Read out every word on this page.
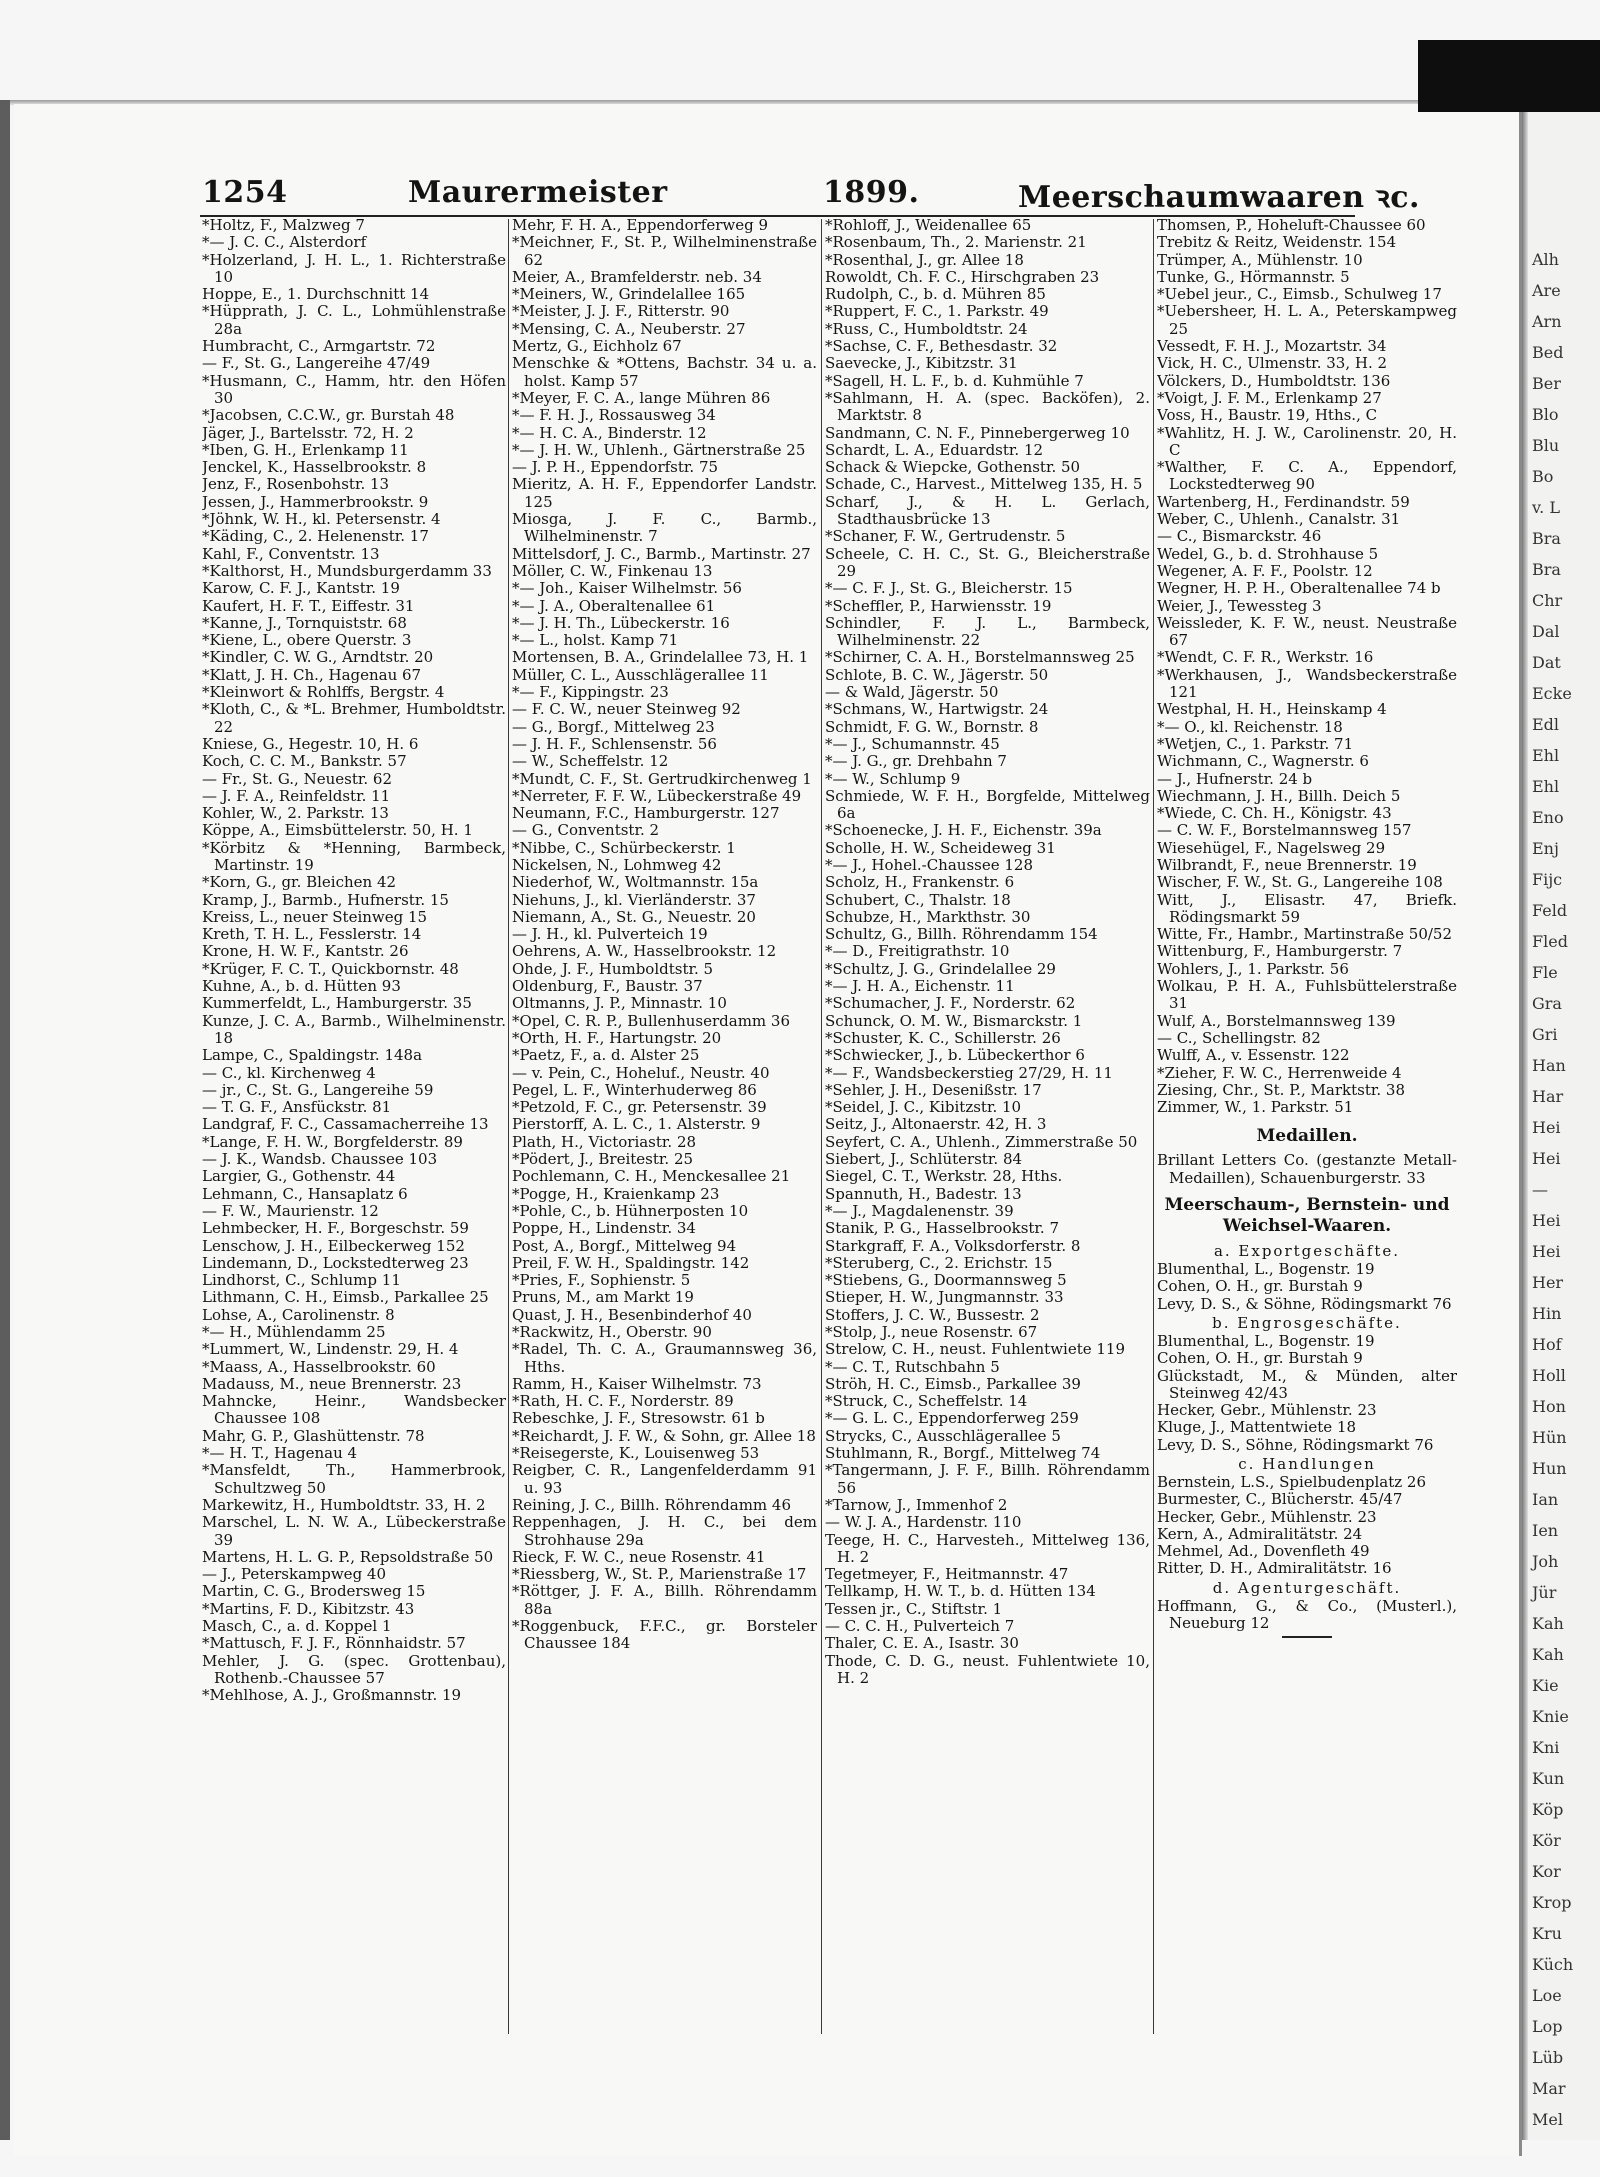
Alh
Are
Arn
Bed
Ber
Blo
Blu
Bo
v. L
Bra
Bra
Chr
Dal
Dat
Ecke
Edl
Ehl
Ehl
Eno
Enj
Fijc
Feld
Fled
Fle
Gra
Gri
Han
Har
Hei
Hei
—
Hei
Hei
Her
Hin
Hof
Holl
Hon
Hün
Hun
Ian
Ien
Joh
Jür
Kah
Kah
Kie
Knie
Kni
Kun
Köp
Kör
Kor
Krop
Kru
Küch
Loe
Lop
Lüb
Mar
Mel
1254	Maurermeister	1899.	Meerschaumwaaren ꝛc.
*Holtz, F., Malzweg 7
*— J. C. C., Alsterdorf
*Holzerland, J. H. L., 1. Richterstraße 10
Hoppe, E., 1. Durchschnitt 14
*Hüpprath, J. C. L., Lohmühlenstraße 28a
Humbracht, C., Armgartstr. 72
— F., St. G., Langereihe 47/49
*Husmann, C., Hamm, htr. den Höfen 30
*Jacobsen, C.C.W., gr. Burstah 48
Jäger, J., Bartelsstr. 72, H. 2
*Iben, G. H., Erlenkamp 11
Jenckel, K., Hasselbrookstr. 8
Jenz, F., Rosenbohstr. 13
Jessen, J., Hammerbrookstr. 9
*Jöhnk, W. H., kl. Petersenstr. 4
*Käding, C., 2. Helenenstr. 17
Kahl, F., Conventstr. 13
*Kalthorst, H., Mundsburgerdamm 33
Karow, C. F. J., Kantstr. 19
Kaufert, H. F. T., Eiffestr. 31
*Kanne, J., Tornquiststr. 68
*Kiene, L., obere Querstr. 3
*Kindler, C. W. G., Arndtstr. 20
*Klatt, J. H. Ch., Hagenau 67
*Kleinwort & Rohlffs, Bergstr. 4
*Kloth, C., & *L. Brehmer, Humboldtstr. 22
Kniese, G., Hegestr. 10, H. 6
Koch, C. C. M., Bankstr. 57
— Fr., St. G., Neuestr. 62
— J. F. A., Reinfeldstr. 11
Kohler, W., 2. Parkstr. 13
Köppe, A., Eimsbüttelerstr. 50, H. 1
*Körbitz & *Henning, Barmbeck, Martinstr. 19
*Korn, G., gr. Bleichen 42
Kramp, J., Barmb., Hufnerstr. 15
Kreiss, L., neuer Steinweg 15
Kreth, T. H. L., Fesslerstr. 14
Krone, H. W. F., Kantstr. 26
*Krüger, F. C. T., Quickbornstr. 48
Kuhne, A., b. d. Hütten 93
Kummerfeldt, L., Hamburgerstr. 35
Kunze, J. C. A., Barmb., Wilhelminenstr. 18
Lampe, C., Spaldingstr. 148a
— C., kl. Kirchenweg 4
— jr., C., St. G., Langereihe 59
— T. G. F., Ansfückstr. 81
Landgraf, F. C., Cassamacherreihe 13
*Lange, F. H. W., Borgfelderstr. 89
— J. K., Wandsb. Chaussee 103
Largier, G., Gothenstr. 44
Lehmann, C., Hansaplatz 6
— F. W., Maurienstr. 12
Lehmbecker, H. F., Borgeschstr. 59
Lenschow, J. H., Eilbeckerweg 152
Lindemann, D., Lockstedterweg 23
Lindhorst, C., Schlump 11
Lithmann, C. H., Eimsb., Parkallee 25
Lohse, A., Carolinenstr. 8
*— H., Mühlendamm 25
*Lummert, W., Lindenstr. 29, H. 4
*Maass, A., Hasselbrookstr. 60
Madauss, M., neue Brennerstr. 23
Mahncke, Heinr., Wandsbecker Chaussee 108
Mahr, G. P., Glashüttenstr. 78
*— H. T., Hagenau 4
*Mansfeldt, Th., Hammerbrook, Schultzweg 50
Markewitz, H., Humboldtstr. 33, H. 2
Marschel, L. N. W. A., Lübeckerstraße 39
Martens, H. L. G. P., Repsoldstraße 50
— J., Peterskampweg 40
Martin, C. G., Brodersweg 15
*Martins, F. D., Kibitzstr. 43
Masch, C., a. d. Koppel 1
*Mattusch, F. J. F., Rönnhaidstr. 57
Mehler, J. G. (spec. Grottenbau), Rothenb.-Chaussee 57
*Mehlhose, A. J., Großmannstr. 19
Mehr, F. H. A., Eppendorferweg 9
*Meichner, F., St. P., Wilhelminenstraße 62
Meier, A., Bramfelderstr. neb. 34
*Meiners, W., Grindelallee 165
*Meister, J. J. F., Ritterstr. 90
*Mensing, C. A., Neuberstr. 27
Mertz, G., Eichholz 67
Menschke & *Ottens, Bachstr. 34 u. a. holst. Kamp 57
*Meyer, F. C. A., lange Mühren 86
*— F. H. J., Rossausweg 34
*— H. C. A., Binderstr. 12
*— J. H. W., Uhlenh., Gärtnerstraße 25
— J. P. H., Eppendorfstr. 75
Mieritz, A. H. F., Eppendorfer Landstr. 125
Miosga, J. F. C., Barmb., Wilhelminenstr. 7
Mittelsdorf, J. C., Barmb., Martinstr. 27
Möller, C. W., Finkenau 13
*— Joh., Kaiser Wilhelmstr. 56
*— J. A., Oberaltenallee 61
*— J. H. Th., Lübeckerstr. 16
*— L., holst. Kamp 71
Mortensen, B. A., Grindelallee 73, H. 1
Müller, C. L., Ausschlägerallee 11
*— F., Kippingstr. 23
— F. C. W., neuer Steinweg 92
— G., Borgf., Mittelweg 23
— J. H. F., Schlensenstr. 56
— W., Scheffelstr. 12
*Mundt, C. F., St. Gertrudkirchenweg 1
*Nerreter, F. F. W., Lübeckerstraße 49
Neumann, F.C., Hamburgerstr. 127
— G., Conventstr. 2
*Nibbe, C., Schürbeckerstr. 1
Nickelsen, N., Lohmweg 42
Niederhof, W., Woltmannstr. 15a
Niehuns, J., kl. Vierländerstr. 37
Niemann, A., St. G., Neuestr. 20
— J. H., kl. Pulverteich 19
Oehrens, A. W., Hasselbrookstr. 12
Ohde, J. F., Humboldtstr. 5
Oldenburg, F., Baustr. 37
Oltmanns, J. P., Minnastr. 10
*Opel, C. R. P., Bullenhuserdamm 36
*Orth, H. F., Hartungstr. 20
*Paetz, F., a. d. Alster 25
— v. Pein, C., Hoheluf., Neustr. 40
Pegel, L. F., Winterhuderweg 86
*Petzold, F. C., gr. Petersenstr. 39
Pierstorff, A. L. C., 1. Alsterstr. 9
Plath, H., Victoriastr. 28
*Pödert, J., Breitestr. 25
Pochlemann, C. H., Menckesallee 21
*Pogge, H., Kraienkamp 23
*Pohle, C., b. Hühnerposten 10
Poppe, H., Lindenstr. 34
Post, A., Borgf., Mittelweg 94
Preil, F. W. H., Spaldingstr. 142
*Pries, F., Sophienstr. 5
Pruns, M., am Markt 19
Quast, J. H., Besenbinderhof 40
*Rackwitz, H., Oberstr. 90
*Radel, Th. C. A., Graumannsweg 36, Hths.
Ramm, H., Kaiser Wilhelmstr. 73
*Rath, H. C. F., Norderstr. 89
Rebeschke, J. F., Stresowstr. 61 b
*Reichardt, J. F. W., & Sohn, gr. Allee 18
*Reisegerste, K., Louisenweg 53
Reigber, C. R., Langenfelderdamm 91 u. 93
Reining, J. C., Billh. Röhrendamm 46
Reppenhagen, J. H. C., bei dem Strohhause 29a
Rieck, F. W. C., neue Rosenstr. 41
*Riessberg, W., St. P., Marienstraße 17
*Röttger, J. F. A., Billh. Röhrendamm 88a
*Roggenbuck, F.F.C., gr. Borsteler Chaussee 184
*Rohloff, J., Weidenallee 65
*Rosenbaum, Th., 2. Marienstr. 21
*Rosenthal, J., gr. Allee 18
Rowoldt, Ch. F. C., Hirschgraben 23
Rudolph, C., b. d. Mühren 85
*Ruppert, F. C., 1. Parkstr. 49
*Russ, C., Humboldtstr. 24
*Sachse, C. F., Bethesdastr. 32
Saevecke, J., Kibitzstr. 31
*Sagell, H. L. F., b. d. Kuhmühle 7
*Sahlmann, H. A. (spec. Backöfen), 2. Marktstr. 8
Sandmann, C. N. F., Pinnebergerweg 10
Schardt, L. A., Eduardstr. 12
Schack & Wiepcke, Gothenstr. 50
Schade, C., Harvest., Mittelweg 135, H. 5
Scharf, J., & H. L. Gerlach, Stadthausbrücke 13
*Schaner, F. W., Gertrudenstr. 5
Scheele, C. H. C., St. G., Bleicherstraße 29
*— C. F. J., St. G., Bleicherstr. 15
*Scheffler, P., Harwiensstr. 19
Schindler, F. J. L., Barmbeck, Wilhelminenstr. 22
*Schirner, C. A. H., Borstelmannsweg 25
Schlote, B. C. W., Jägerstr. 50
— & Wald, Jägerstr. 50
*Schmans, W., Hartwigstr. 24
Schmidt, F. G. W., Bornstr. 8
*— J., Schumannstr. 45
*— J. G., gr. Drehbahn 7
*— W., Schlump 9
Schmiede, W. F. H., Borgfelde, Mittelweg 6a
*Schoenecke, J. H. F., Eichenstr. 39a
Scholle, H. W., Scheideweg 31
*— J., Hohel.-Chaussee 128
Scholz, H., Frankenstr. 6
Schubert, C., Thalstr. 18
Schubze, H., Markthstr. 30
Schultz, G., Billh. Röhrendamm 154
*— D., Freitigrathstr. 10
*Schultz, J. G., Grindelallee 29
*— J. H. A., Eichenstr. 11
*Schumacher, J. F., Norderstr. 62
Schunck, O. M. W., Bismarckstr. 1
*Schuster, K. C., Schillerstr. 26
*Schwiecker, J., b. Lübeckerthor 6
*— F., Wandsbeckerstieg 27/29, H. 11
*Sehler, J. H., Desenißstr. 17
*Seidel, J. C., Kibitzstr. 10
Seitz, J., Altonaerstr. 42, H. 3
Seyfert, C. A., Uhlenh., Zimmerstraße 50
Siebert, J., Schlüterstr. 84
Siegel, C. T., Werkstr. 28, Hths.
Spannuth, H., Badestr. 13
*— J., Magdalenenstr. 39
Stanik, P. G., Hasselbrookstr. 7
Starkgraff, F. A., Volksdorferstr. 8
*Steruberg, C., 2. Erichstr. 15
*Stiebens, G., Doormannsweg 5
Stieper, H. W., Jungmannstr. 33
Stoffers, J. C. W., Bussestr. 2
*Stolp, J., neue Rosenstr. 67
Strelow, C. H., neust. Fuhlentwiete 119
*— C. T., Rutschbahn 5
Ströh, H. C., Eimsb., Parkallee 39
*Struck, C., Scheffelstr. 14
*— G. L. C., Eppendorferweg 259
Strycks, C., Ausschlägerallee 5
Stuhlmann, R., Borgf., Mittelweg 74
*Tangermann, J. F. F., Billh. Röhrendamm 56
*Tarnow, J., Immenhof 2
— W. J. A., Hardenstr. 110
Teege, H. C., Harvesteh., Mittelweg 136, H. 2
Tegetmeyer, F., Heitmannstr. 47
Tellkamp, H. W. T., b. d. Hütten 134
Tessen jr., C., Stiftstr. 1
— C. C. H., Pulverteich 7
Thaler, C. E. A., Isastr. 30
Thode, C. D. G., neust. Fuhlentwiete 10, H. 2
Thomsen, P., Hoheluft-Chaussee 60
Trebitz & Reitz, Weidenstr. 154
Trümper, A., Mühlenstr. 10
Tunke, G., Hörmannstr. 5
*Uebel jeur., C., Eimsb., Schulweg 17
*Uebersheer, H. L. A., Peterskampweg 25
Vessedt, F. H. J., Mozartstr. 34
Vick, H. C., Ulmenstr. 33, H. 2
Völckers, D., Humboldtstr. 136
*Voigt, J. F. M., Erlenkamp 27
Voss, H., Baustr. 19, Hths., C
*Wahlitz, H. J. W., Carolinenstr. 20, H. C
*Walther, F. C. A., Eppendorf, Lockstedterweg 90
Wartenberg, H., Ferdinandstr. 59
Weber, C., Uhlenh., Canalstr. 31
— C., Bismarckstr. 46
Wedel, G., b. d. Strohhause 5
Wegener, A. F. F., Poolstr. 12
Wegner, H. P. H., Oberaltenallee 74 b
Weier, J., Tewessteg 3
Weissleder, K. F. W., neust. Neustraße 67
*Wendt, C. F. R., Werkstr. 16
*Werkhausen, J., Wandsbeckerstraße 121
Westphal, H. H., Heinskamp 4
*— O., kl. Reichenstr. 18
*Wetjen, C., 1. Parkstr. 71
Wichmann, C., Wagnerstr. 6
— J., Hufnerstr. 24 b
Wiechmann, J. H., Billh. Deich 5
*Wiede, C. Ch. H., Königstr. 43
— C. W. F., Borstelmannsweg 157
Wiesehügel, F., Nagelsweg 29
Wilbrandt, F., neue Brennerstr. 19
Wischer, F. W., St. G., Langereihe 108
Witt, J., Elisastr. 47, Briefk. Rödingsmarkt 59
Witte, Fr., Hambr., Martinstraße 50/52
Wittenburg, F., Hamburgerstr. 7
Wohlers, J., 1. Parkstr. 56
Wolkau, P. H. A., Fuhlsbüttelerstraße 31
Wulf, A., Borstelmannsweg 139
— C., Schellingstr. 82
Wulff, A., v. Essenstr. 122
*Zieher, F. W. C., Herrenweide 4
Ziesing, Chr., St. P., Marktstr. 38
Zimmer, W., 1. Parkstr. 51
Medaillen.
Brillant Letters Co. (gestanzte Metall-Medaillen), Schauenburgerstr. 33
Meerschaum-, Bernstein- und Weichsel-Waaren.
a. Exportgeschäfte.
Blumenthal, L., Bogenstr. 19
Cohen, O. H., gr. Burstah 9
Levy, D. S., & Söhne, Rödingsmarkt 76
b. Engrosgeschäfte.
Blumenthal, L., Bogenstr. 19
Cohen, O. H., gr. Burstah 9
Glückstadt, M., & Münden, alter Steinweg 42/43
Hecker, Gebr., Mühlenstr. 23
Kluge, J., Mattentwiete 18
Levy, D. S., Söhne, Rödingsmarkt 76
c. Handlungen
Bernstein, L.S., Spielbudenplatz 26
Burmester, C., Blücherstr. 45/47
Hecker, Gebr., Mühlenstr. 23
Kern, A., Admiralitätstr. 24
Mehmel, Ad., Dovenfleth 49
Ritter, D. H., Admiralitätstr. 16
d. Agenturgeschäft.
Hoffmann, G., & Co., (Musterl.), Neueburg 12
